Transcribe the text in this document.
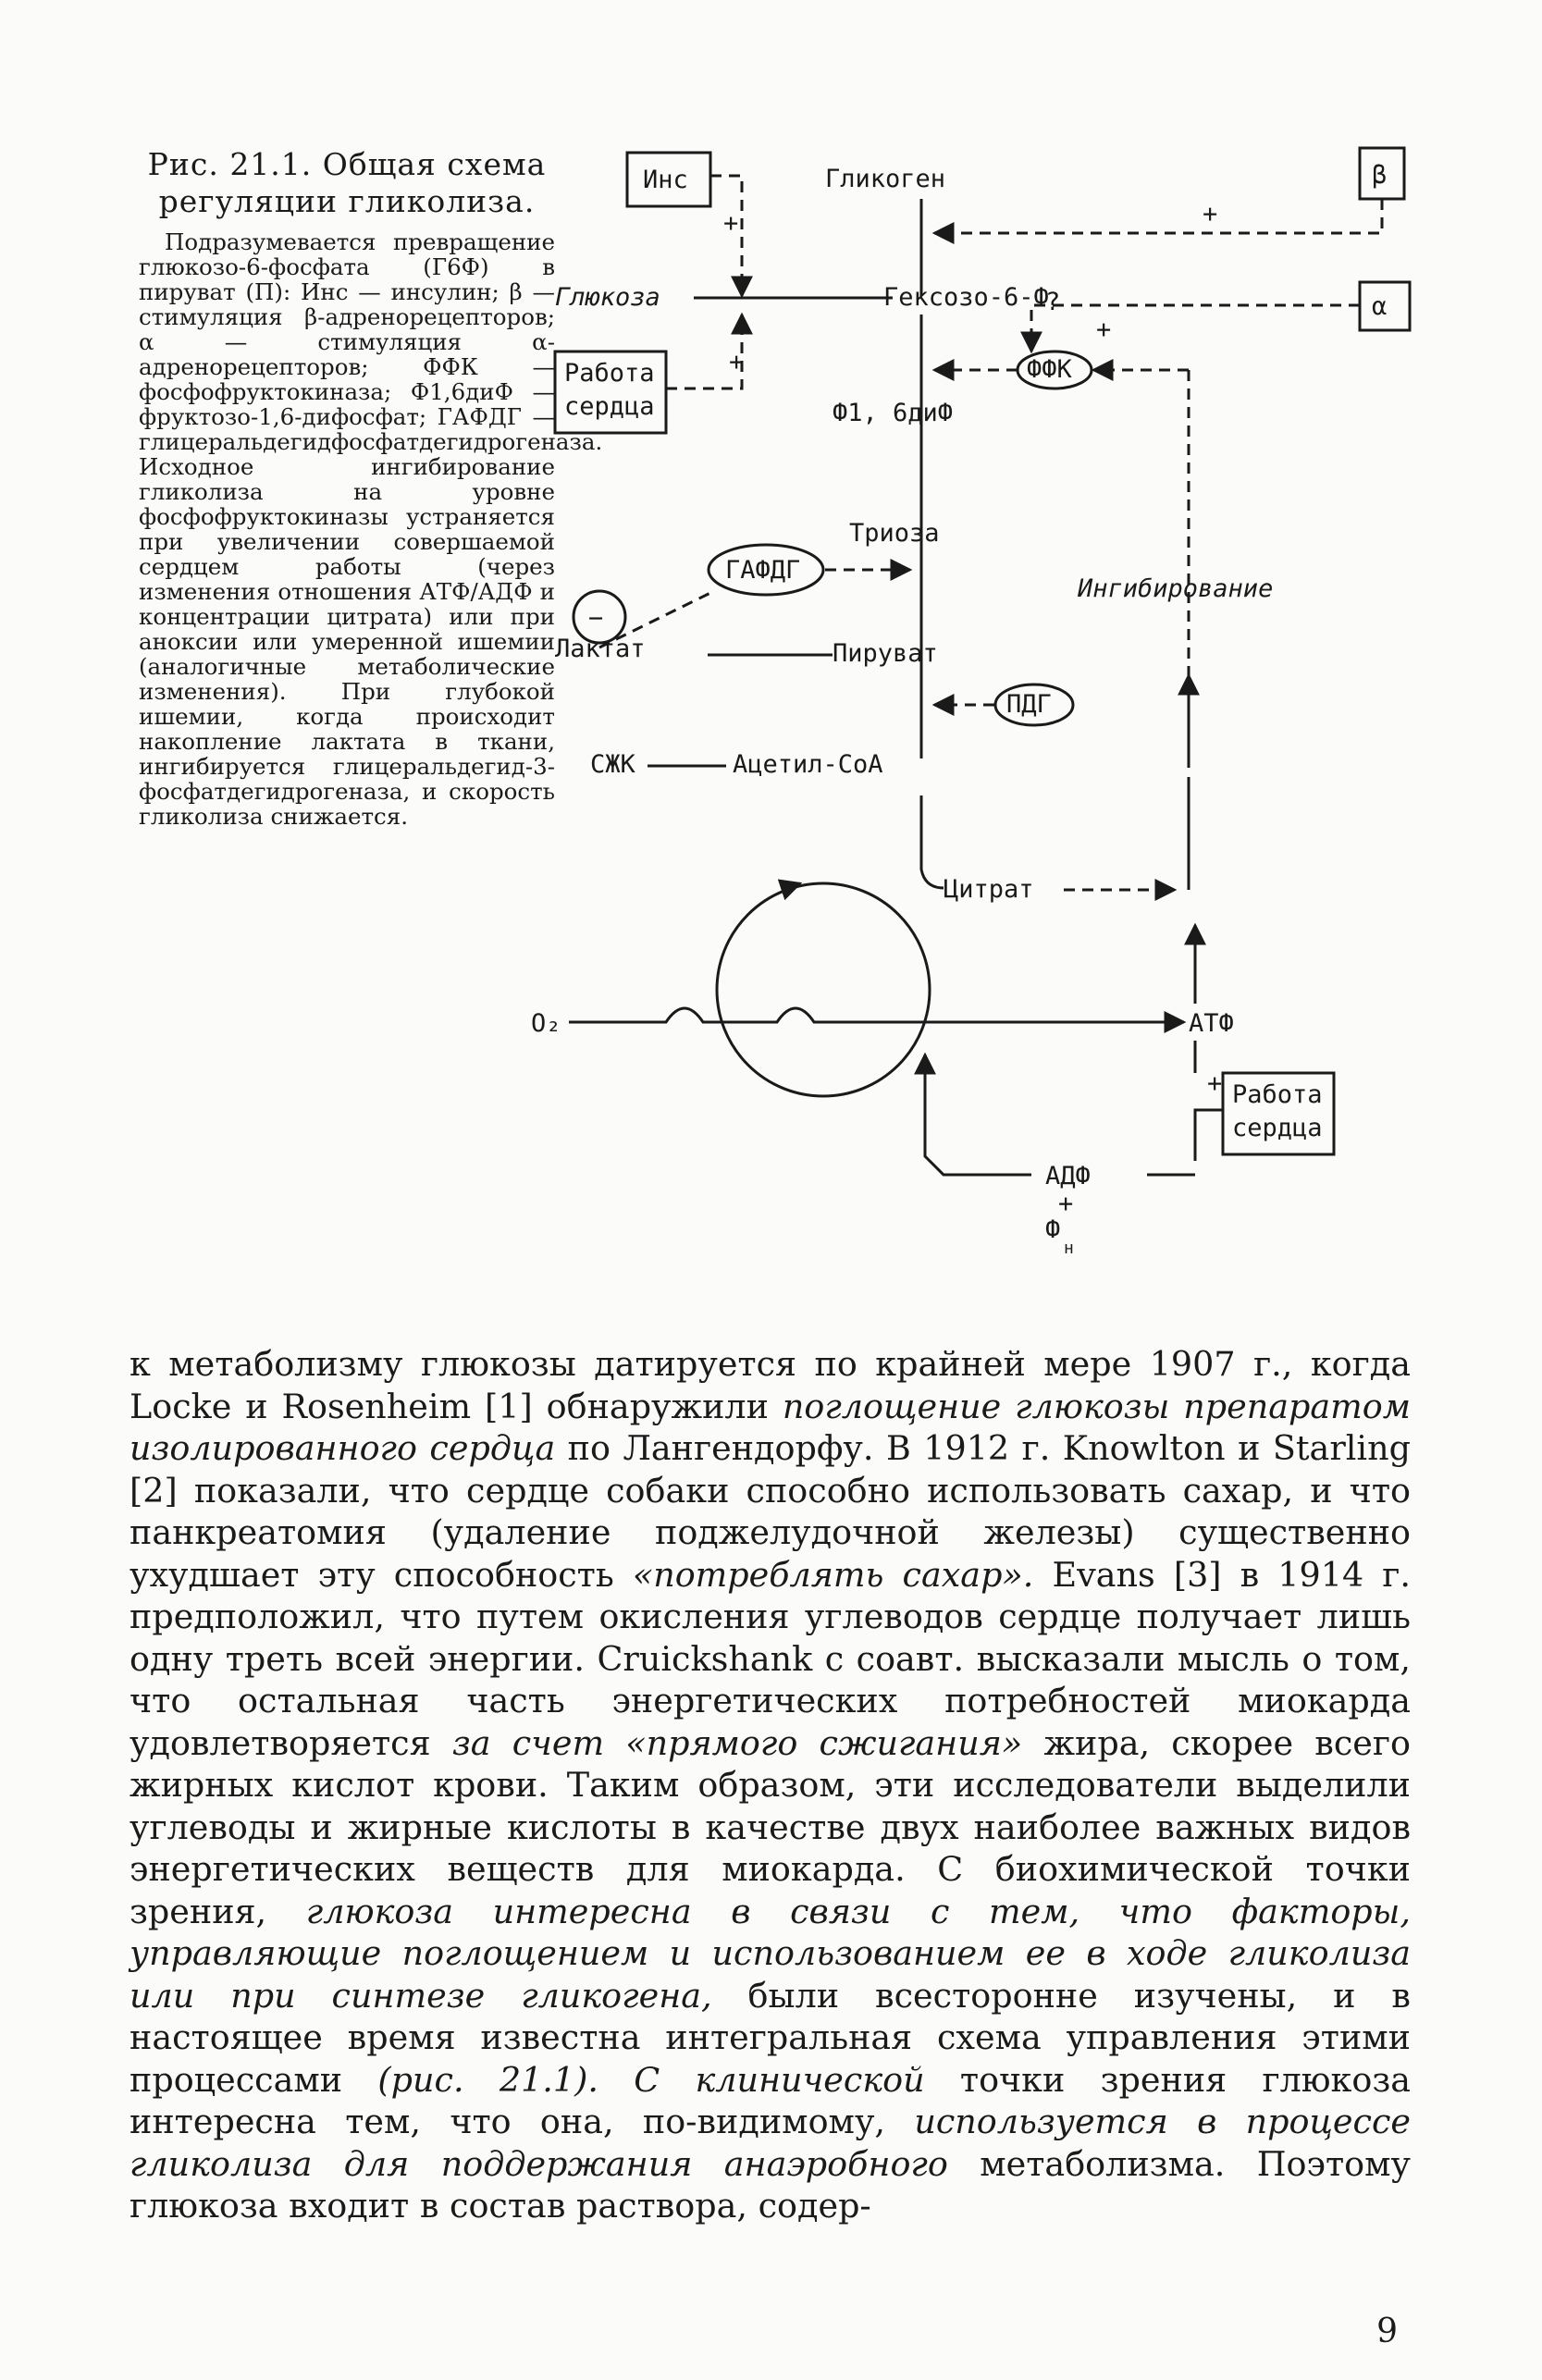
Рис. 21.1. Общая схема
регуляции гликолиза.

Подразумевается превращение глюкозо-6-фосфата (Г6Ф) в пируват (П): Инс — инсулин; β — стимуляция β-адренорецепторов; α — стимуляция α-адренорецепторов; ФФК — фосфофруктокиназа; Ф1,6диФ — фруктозо-1,6-дифосфат; ГАФДГ — глицеральдегидфосфатдегидрогеназа. Исходное ингибирование гликолиза на уровне фосфофруктокиназы устраняется при увеличении совершаемой сердцем работы (через изменения отношения АТФ/АДФ и концентрации цитрата) или при аноксии или умеренной ишемии (аналогичные метаболические изменения). При глубокой ишемии, когда происходит накопление лактата в ткани, ингибируется глицеральдегид-3-фосфатдегидрогеназа, и скорость гликолиза снижается.

Инс
+
Гликоген	β
+
Глюкоза	Гексозо-6-Ф	α
?
+
Работа
сердца
+	ФФК
Ф1, 6диФ
Триоза
−
ГАФДГ
Ингибирование
Лактат	Пируват
ПДГ
СЖК	Ацетил-СоА
Цитрат
O₂	АТФ
Работа
сердца
+
АДФ
+
Ф
н

к метаболизму глюкозы датируется по крайней мере 1907 г., когда Locke и Rosenheim [1] обнаружили поглощение глюкозы препаратом изолированного сердца по Лангендорфу. В 1912 г. Knowlton и Starling [2] показали, что сердце собаки способно использовать сахар, и что панкреатомия (удаление поджелудочной железы) существенно ухудшает эту способность «потреблять сахар». Evans [3] в 1914 г. предположил, что путем окисления углеводов сердце получает лишь одну треть всей энергии. Cruickshank с соавт. высказали мысль о том, что остальная часть энергетических потребностей миокарда удовлетворяется за счет «прямого сжигания» жира, скорее всего жирных кислот крови. Таким образом, эти исследователи выделили углеводы и жирные кислоты в качестве двух наиболее важных видов энергетических веществ для миокарда. С биохимической точки зрения, глюкоза интересна в связи с тем, что факторы, управляющие поглощением и использованием ее в ходе гликолиза или при синтезе гликогена, были всесторонне изучены, и в настоящее время известна интегральная схема управления этими процессами (рис. 21.1). С клинической точки зрения глюкоза интересна тем, что она, по-видимому, используется в процессе гликолиза для поддержания анаэробного метаболизма. Поэтому глюкоза входит в состав раствора, содер-

9
